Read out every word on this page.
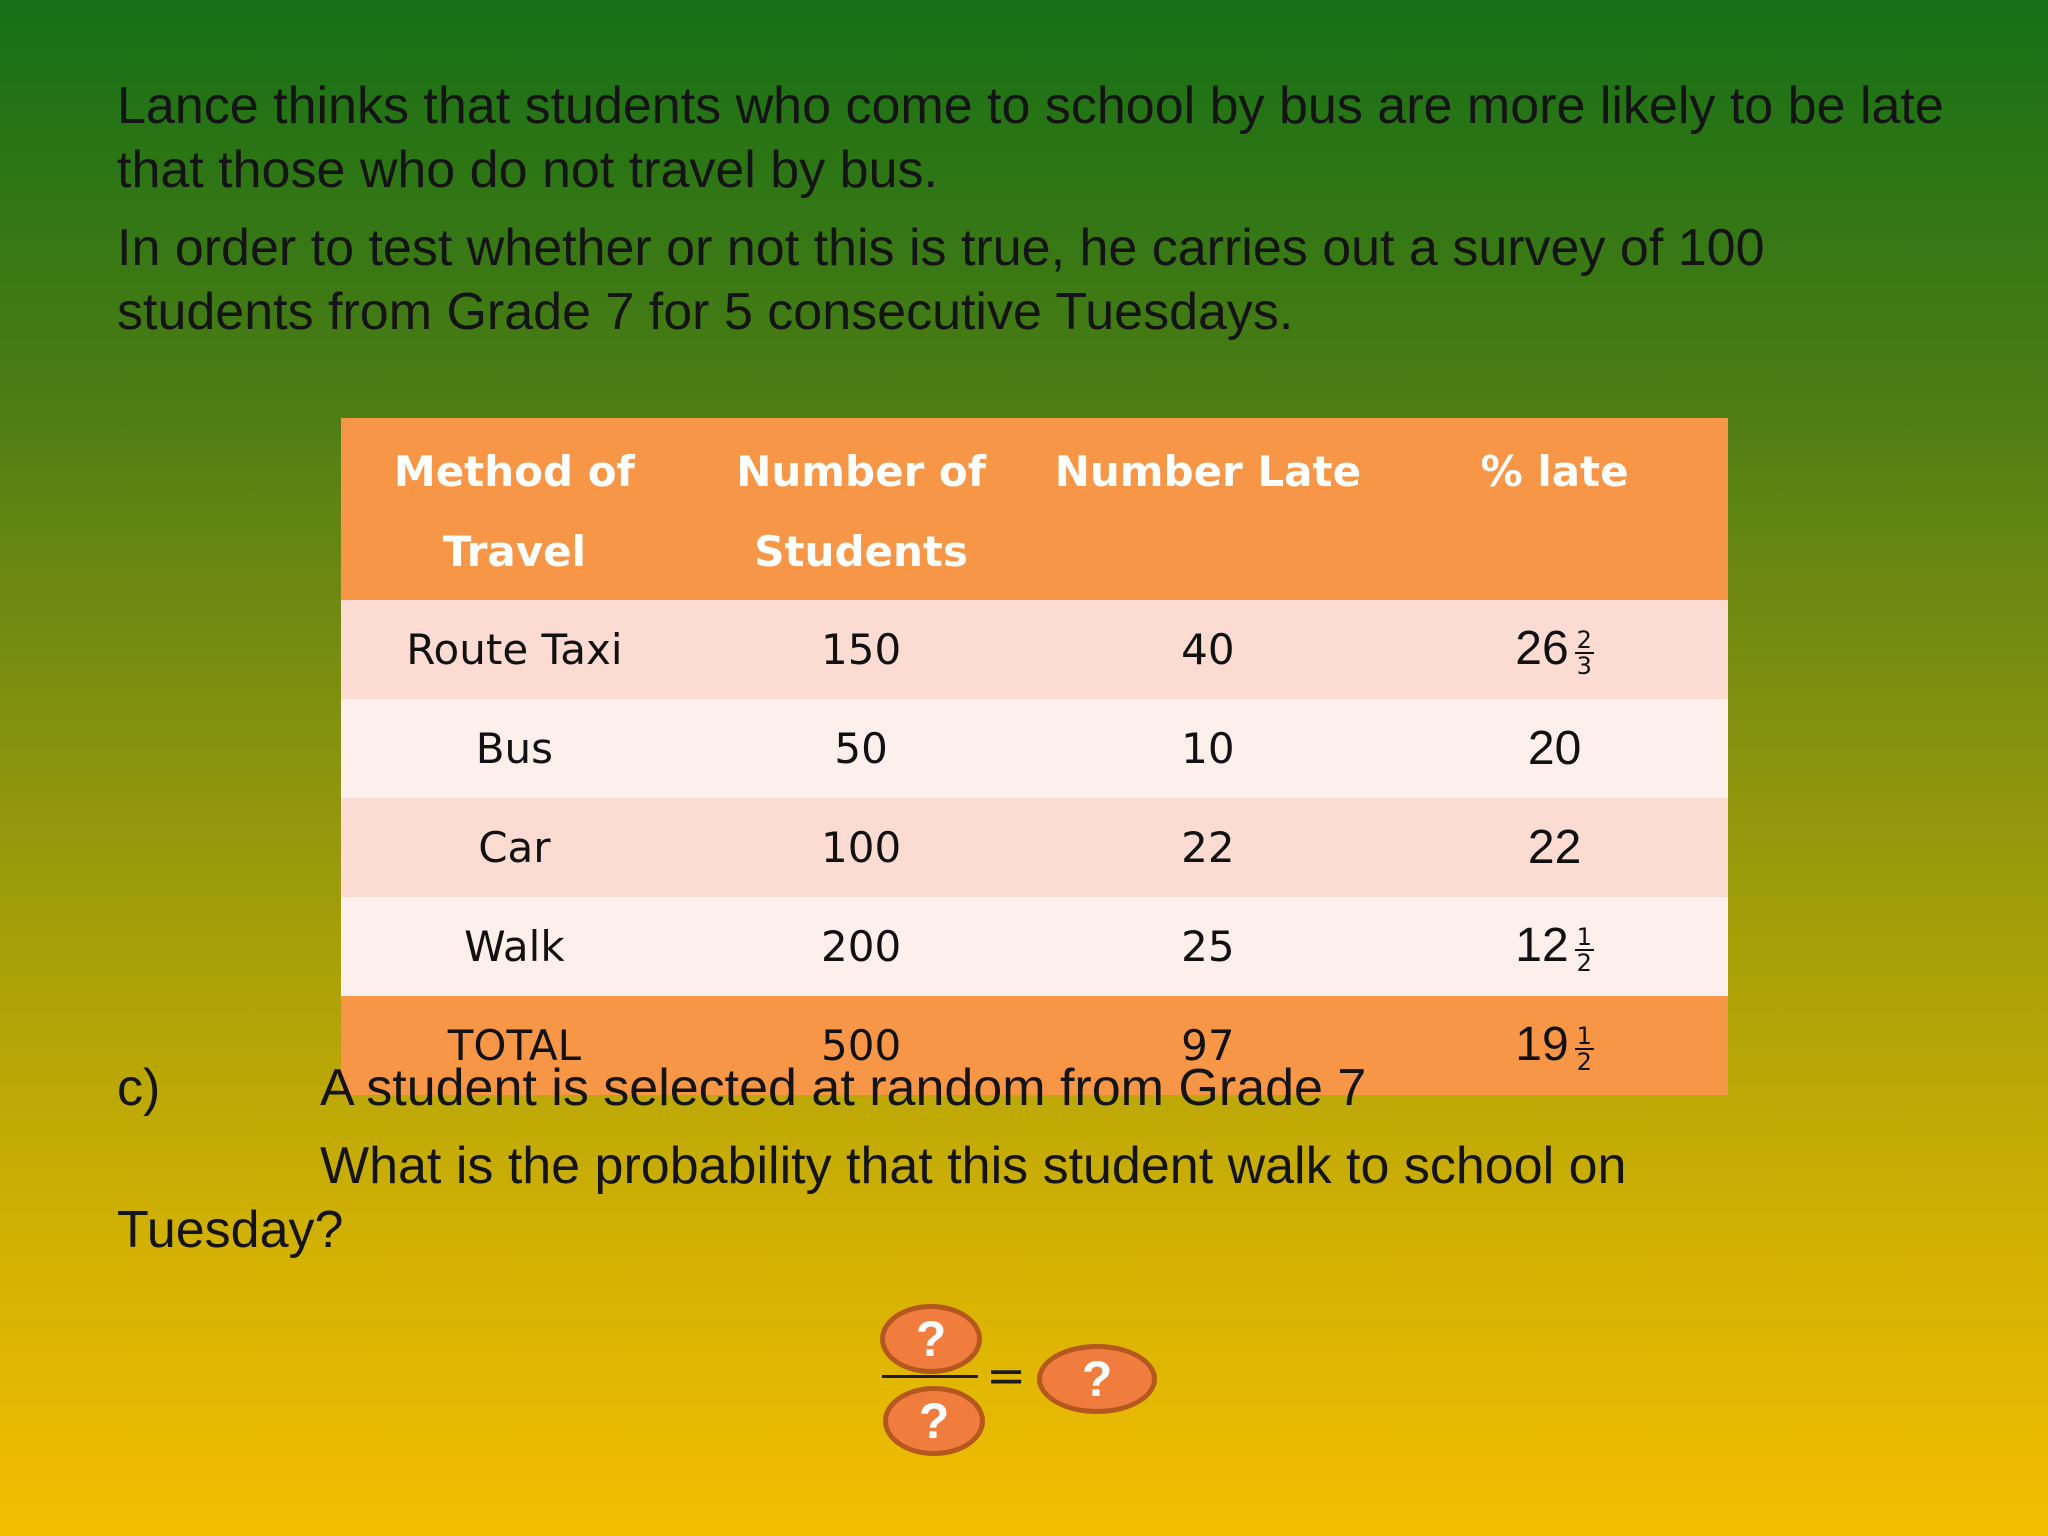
Lance thinks that students who come to school by bus are more likely to be late that those who do not travel by bus.

In order to test whether or not this is true, he carries out a survey of 100 students from Grade 7 for 5 consecutive Tuesdays.

Method of Travel	Number of Students	Number Late	% late
Route Taxi	150	40	$26 \frac{2}{3}$

Bus	50	10	20
Car	100	22	22
Walk	200	25	$12 \frac{1}{2}$

TOTAL	500	97	$19 \frac{1}{2}$
c)	A student is selected at random from Grade 7
What is the probability that this student walk to school on Tuesday?
?
?
=	?
